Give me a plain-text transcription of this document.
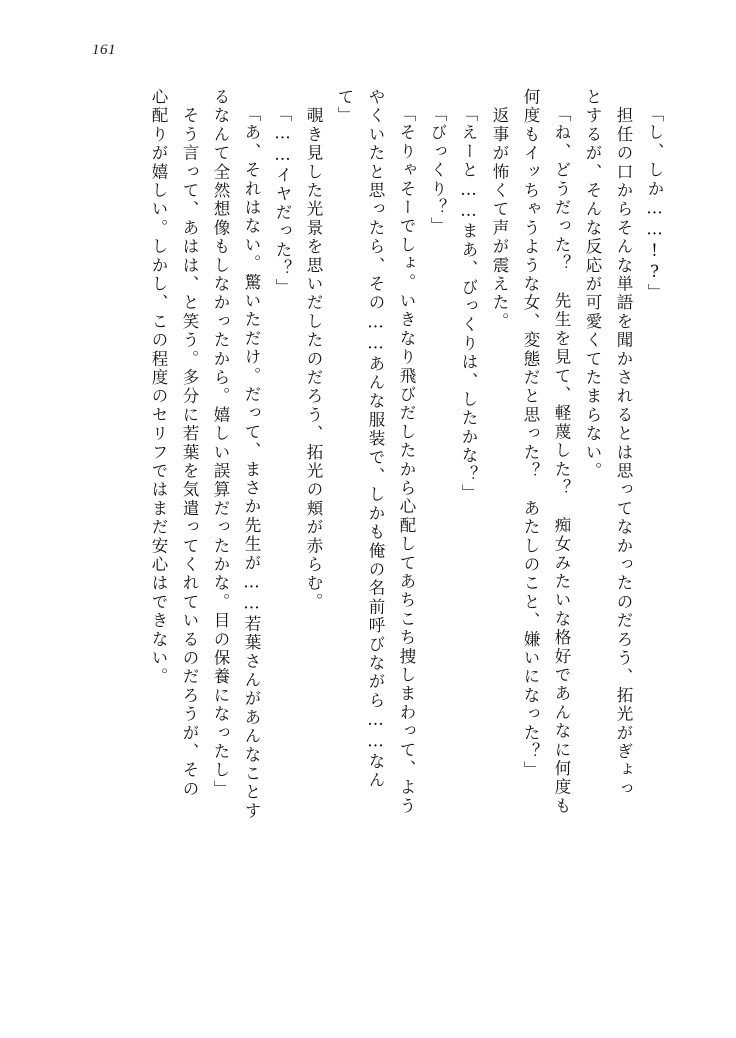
161
「し、しか……!?」
　担任の口からそんな単語を聞かされるとは思ってなかったのだろう、拓光がぎょっ
とするが、そんな反応が可愛くてたまらない。
「ね、どうだった？　先生を見て、軽蔑した？　痴女みたいな格好であんなに何度も
何度もイッちゃうような女、変態だと思った？　あたしのこと、嫌いになった？」
　返事が怖くて声が震えた。
「えーと……まあ、びっくりは、したかな？」
「びっくり？」
「そりゃそーでしょ。いきなり飛びだしたから心配してあちこち捜しまわって、よう
やくいたと思ったら、その……あんな服装で、しかも俺の名前呼びながら……なん
て」
　覗き見した光景を思いだしたのだろう、拓光の頬が赤らむ。
「……イヤだった？」
「あ、それはない。驚いただけ。だって、まさか先生が……若葉さんがあんなことす
るなんて全然想像もしなかったから。嬉しい誤算だったかな。目の保養になったし」
　そう言って、あはは、と笑う。多分に若葉を気遣ってくれているのだろうが、その
心配りが嬉しい。しかし、この程度のセリフではまだ安心はできない。
